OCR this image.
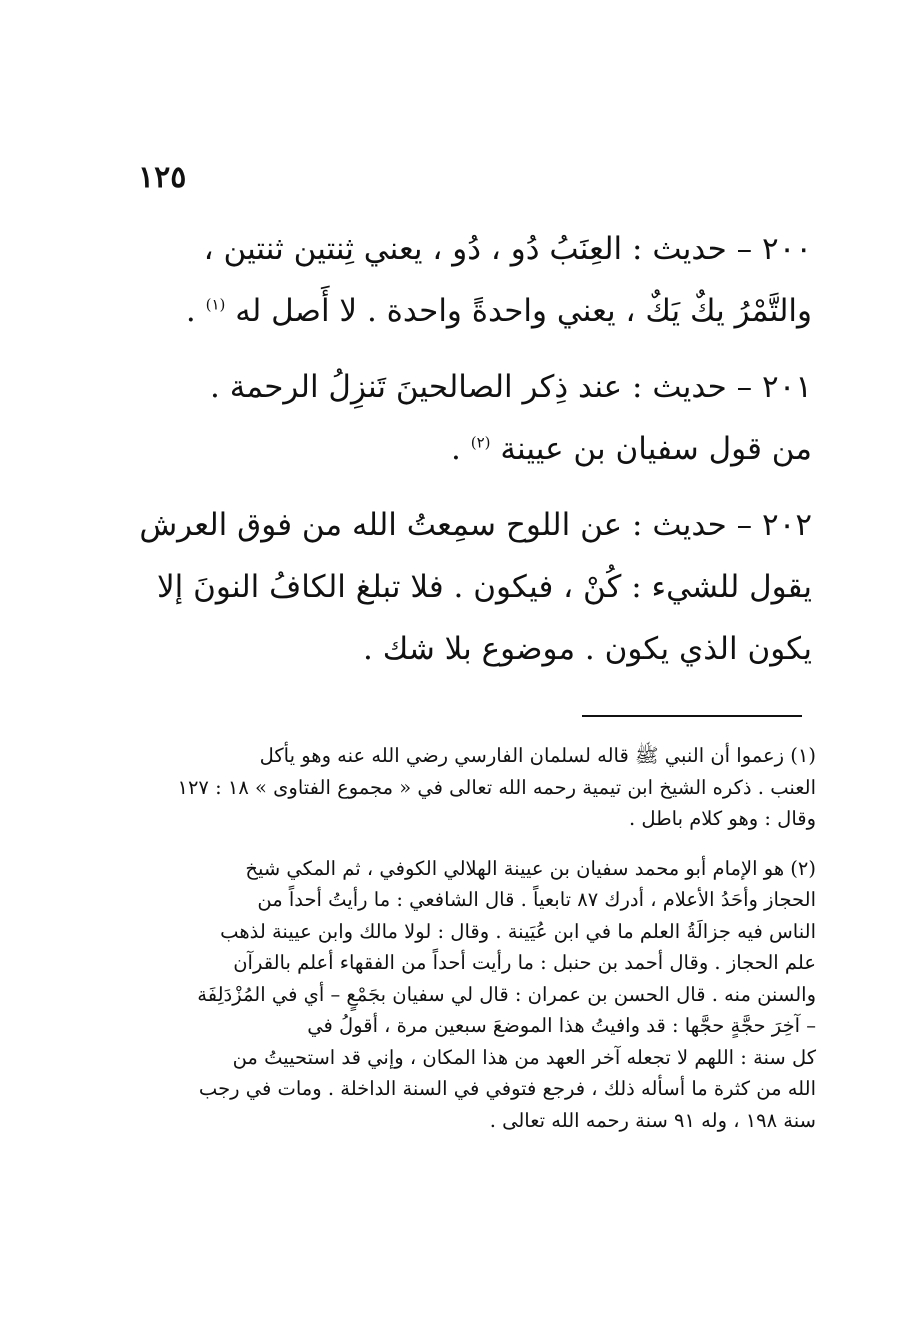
١٢٥

٢٠٠ – حديث : العِنَبُ دُو ، دُو ، يعني ثِنتين ثنتين ،
والتَّمْرُ يكٌ يَكٌ ، يعني واحدةً واحدة . لا أَصل له $^{(١)}$ .

٢٠١ – حديث : عند ذِكر الصالحينَ تَنزِلُ الرحمة .
من قول سفيان بن عيينة $^{(٢)}$ .

٢٠٢ – حديث : عن اللوح سمِعتُ الله من فوق العرش
يقول للشيء : كُنْ ، فيكون . فلا تبلغ الكافُ النونَ إلا
يكون الذي يكون . موضوع بلا شك .

(١) زعموا أن النبي ﷺ قاله لسلمان الفارسي رضي الله عنه وهو يأكل
العنب . ذكره الشيخ ابن تيمية رحمه الله تعالى في « مجموع الفتاوى » ١٨ : ١٢٧
وقال : وهو كلام باطل .

(٢) هو الإمام أبو محمد سفيان بن عيينة الهلالي الكوفي ، ثم المكي شيخ
الحجاز وأحَدُ الأعلام ، أدرك ٨٧ تابعياً . قال الشافعي : ما رأيتُ أحداً من
الناس فيه جزالَةُ العلم ما في ابن عُيَينة . وقال : لولا مالك وابن عيينة لذهب
علم الحجاز . وقال أحمد بن حنبل : ما رأيت أحداً من الفقهاء أعلم بالقرآن
والسنن منه . قال الحسن بن عمران : قال لي سفيان بجَمْعٍ – أي في المُزْدَلِفَة
– آخِرَ حجَّةٍ حجَّها : قد وافيتُ هذا الموضعَ سبعين مرة ، أقولُ في
كل سنة : اللهم لا تجعله آخر العهد من هذا المكان ، وإني قد استحييتُ من
الله من كثرة ما أسأله ذلك ، فرجع فتوفي في السنة الداخلة . ومات في رجب
سنة ١٩٨ ، وله ٩١ سنة رحمه الله تعالى .
